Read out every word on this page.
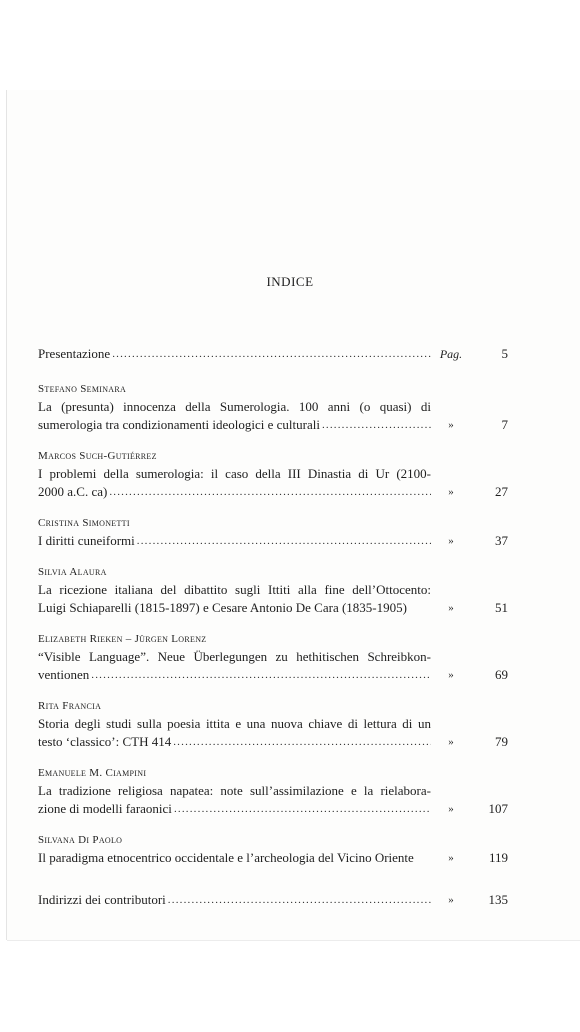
INDICE
Presentazione .....	Pag.	5
Stefano Seminara
La (presunta) innocenza della Sumerologia. 100 anni (o quasi) di
sumerologia tra condizionamenti ideologici e culturali .....	»	7
Marcos Such-Gutiérrez
I problemi della sumerologia: il caso della III Dinastia di Ur (2100-
2000 a.C. ca) .....	»	27
Cristina Simonetti
I diritti cuneiformi .....	»	37
Silvia Alaura
La ricezione italiana del dibattito sugli Ittiti alla fine dell’Ottocento:
Luigi Schiaparelli (1815-1897) e Cesare Antonio De Cara (1835-1905)	»	51
Elizabeth Rieken – Jürgen Lorenz
“Visible Language”. Neue Überlegungen zu hethitischen Schreibkon-
ventionen .....	»	69
Rita Francia
Storia degli studi sulla poesia ittita e una nuova chiave di lettura di un
testo ‘classico’: CTH 414 .....	»	79
Emanuele M. Ciampini
La tradizione religiosa napatea: note sull’assimilazione e la rielabora-
zione di modelli faraonici .....	»	107
Silvana Di Paolo
Il paradigma etnocentrico occidentale e l’archeologia del Vicino Oriente	»	119
Indirizzi dei contributori .....	»	135
